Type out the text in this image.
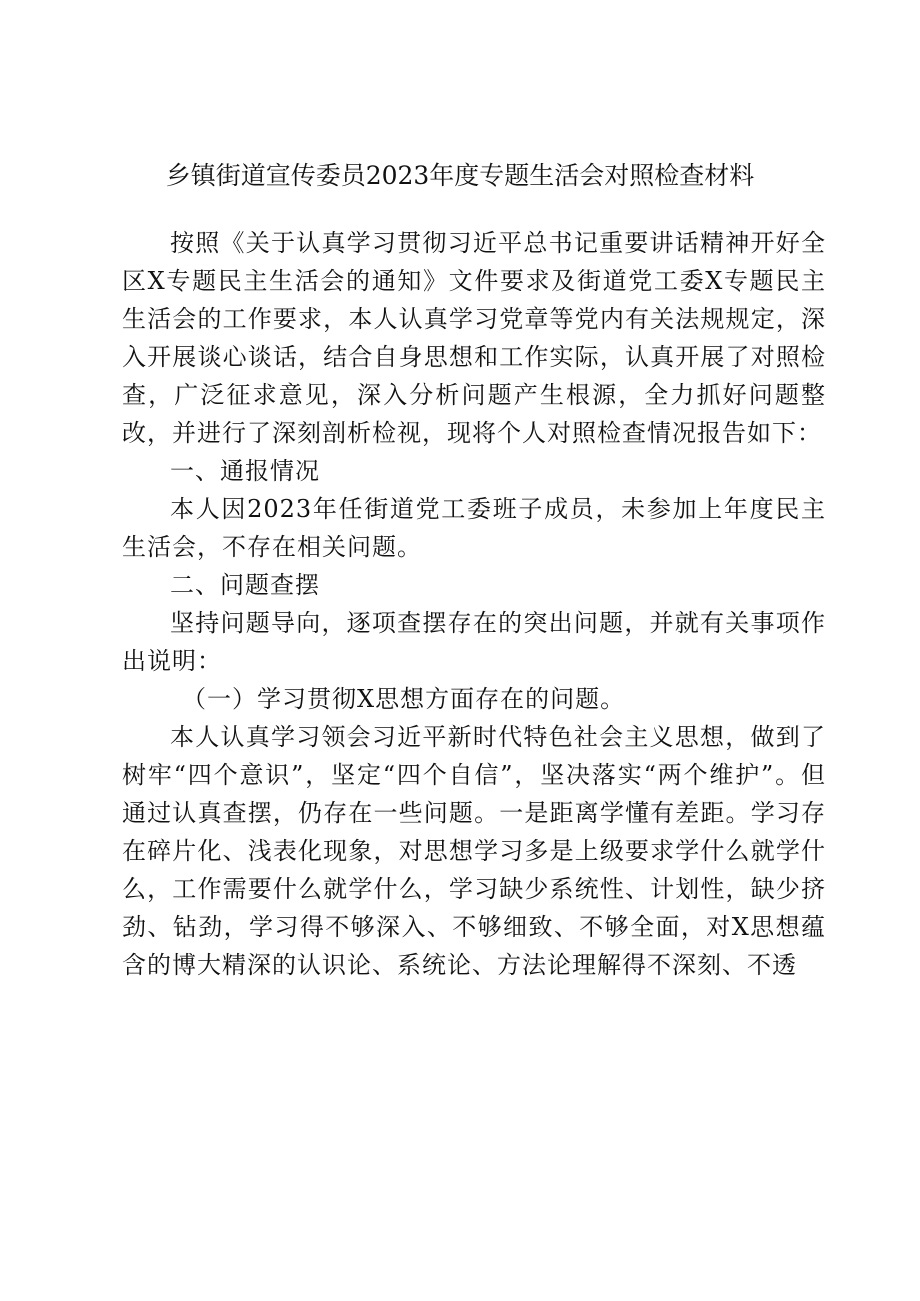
乡镇街道宣传委员2023年度专题生活会对照检查材料

按照《关于认真学习贯彻习近平总书记重要讲话精神开好全区X专题民主生活会的通知》文件要求及街道党工委X专题民主生活会的工作要求，本人认真学习党章等党内有关法规规定，深入开展谈心谈话，结合自身思想和工作实际，认真开展了对照检查，广泛征求意见，深入分析问题产生根源，全力抓好问题整改，并进行了深刻剖析检视，现将个人对照检查情况报告如下：

一、通报情况

本人因2023年任街道党工委班子成员，未参加上年度民主生活会，不存在相关问题。

二、问题查摆

坚持问题导向，逐项查摆存在的突出问题，并就有关事项作出说明：

（一）学习贯彻X思想方面存在的问题。

本人认真学习领会习近平新时代特色社会主义思想，做到了树牢“四个意识”，坚定“四个自信”，坚决落实“两个维护”。但通过认真查摆，仍存在一些问题。一是距离学懂有差距。学习存在碎片化、浅表化现象，对思想学习多是上级要求学什么就学什么，工作需要什么就学什么，学习缺少系统性、计划性，缺少挤劲、钻劲，学习得不够深入、不够细致、不够全面，对X思想蕴含的博大精深的认识论、系统论、方法论理解得不深刻、不透
